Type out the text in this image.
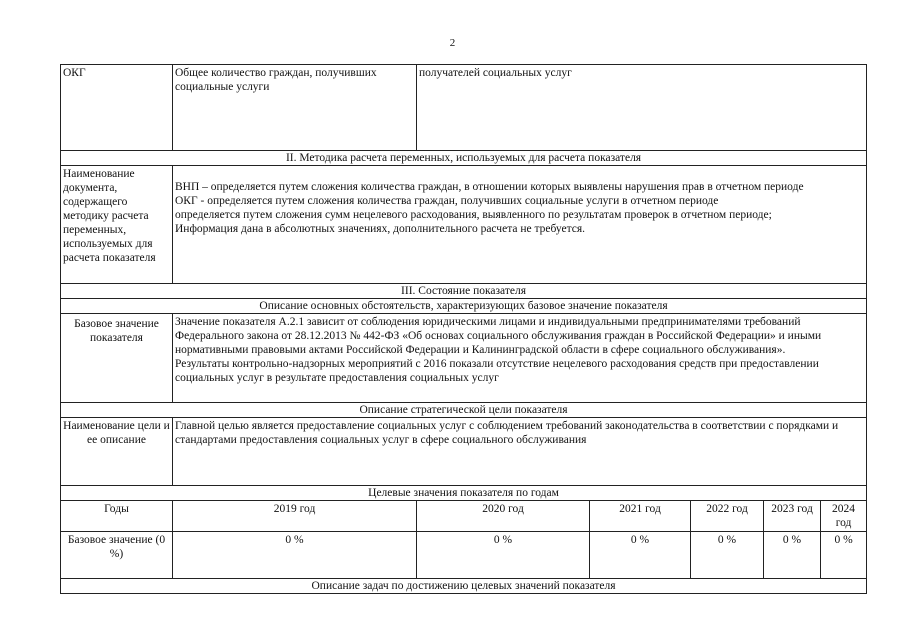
2
ОКГ	Общее количество граждан, получивших социальные услуги	получателей социальных услуг				
II. Методика расчета переменных, используемых для расчета показателя						
Наименование документа, содержащего методику расчета переменных, используемых для расчета показателя	ВНП – определяется путем сложения количества граждан, в отношении которых выявлены нарушения прав в отчетном периоде
ОКГ - определяется путем сложения количества граждан, получивших социальные услуги в отчетном периоде
определяется путем сложения сумм нецелевого расходования, выявленного по результатам проверок в отчетном периоде;
Информация дана в абсолютных значениях, дополнительного расчета не требуется.					

III. Состояние показателя						
Описание основных обстоятельств, характеризующих базовое значение показателя						
Базовое значение показателя	Значение показателя А.2.1 зависит от соблюдения юридическими лицами и индивидуальными предпринимателями требований Федерального закона от 28.12.2013 № 442-ФЗ «Об основах социального обслуживания граждан в Российской Федерации» и иными нормативными правовыми актами Российской Федерации и Калининградской области в сфере социального обслуживания».
Результаты контрольно-надзорных мероприятий с 2016 показали отсутствие нецелевого расходования средств при предоставлении социальных услуг в результате предоставления социальных услуг					

Описание стратегической цели показателя						
Наименование цели и ее описание	Главной целью является предоставление социальных услуг с соблюдением требований законодательства в соответствии с порядками и стандартами предоставления социальных услуг в сфере социального обслуживания					
Целевые значения показателя по годам						
Годы	2019 год	2020 год	2021 год	2022 год	2023 год	2024 год
Базовое значение (0 %)	0 %	0 %	0 %	0 %	0 %	0 %
Описание задач по достижению целевых значений показателя						
